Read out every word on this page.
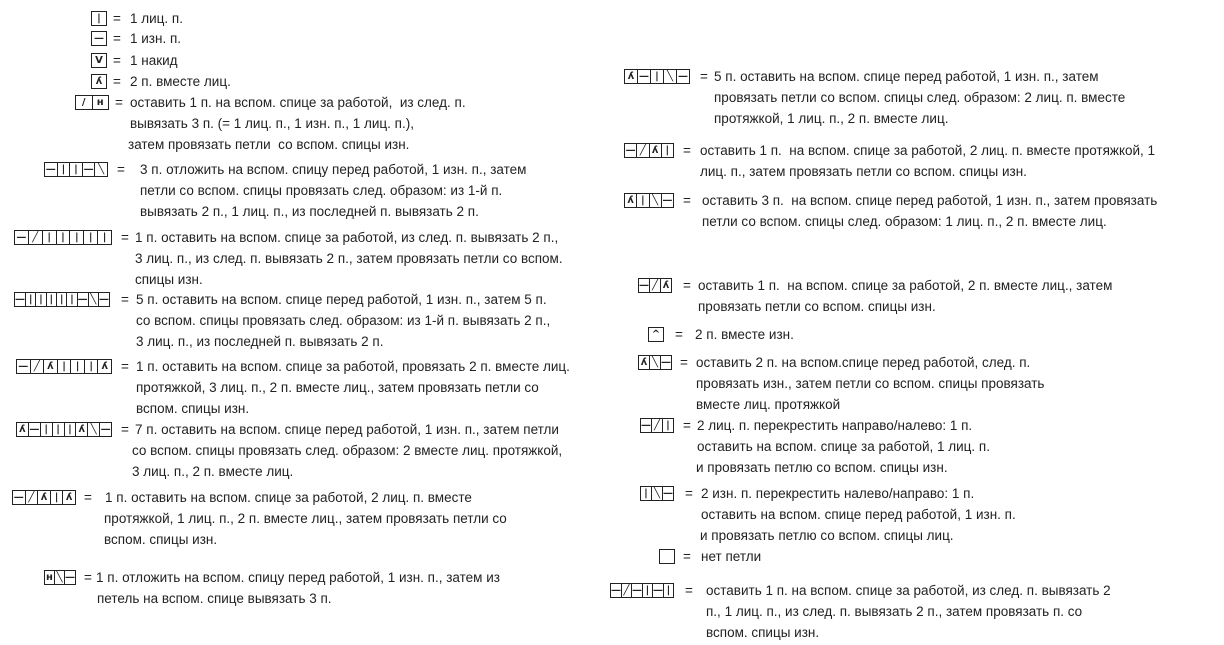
| = 1 лиц. п.
— = 1 изн. п.
V = 1 накид
ʎ = 2 п. вместе лиц.
/	н = оставить 1 п. на вспом. спице за работой,  из след. п.
вывязать 3 п. (= 1 лиц. п., 1 изн. п., 1 лиц. п.),
затем провязать петли  со вспом. спицы изн.
— | | — ╲ = 3 п. отложить на вспом. спицу перед работой, 1 изн. п., затем
петли со вспом. спицы провязать след. образом: из 1-й п.
вывязать 2 п., 1 лиц. п., из последней п. вывязать 2 п.
— ╱ |	|	|	|	|	= 1 п. оставить на вспом. спице за работой, из след. п. вывязать 2 п.,
3 лиц. п., из след. п. вывязать 2 п., затем провязать петли со вспом.
спицы изн.
— | | | | | — ╲ — = 5 п. оставить на вспом. спице перед работой, 1 изн. п., затем 5 п.
со вспом. спицы провязать след. образом: из 1-й п. вывязать 2 п.,
3 лиц. п., из последней п. вывязать 2 п.
— ╱ ʎ | | | ʎ = 1 п. оставить на вспом. спице за работой, провязать 2 п. вместе лиц.
протяжкой, 3 лиц. п., 2 п. вместе лиц., затем провязать петли со
вспом. спицы изн.
ʎ — | | | ʎ ╲ — = 7 п. оставить на вспом. спице перед работой, 1 изн. п., затем петли
со вспом. спицы провязать след. образом: 2 вместе лиц. протяжкой,
3 лиц. п., 2 п. вместе лиц.
— ╱ ʎ | ʎ = 1 п. оставить на вспом. спице за работой, 2 лиц. п. вместе
протяжкой, 1 лиц. п., 2 п. вместе лиц., затем провязать петли со
вспом. спицы изн.
н ╲ — = 1 п. отложить на вспом. спицу перед работой, 1 изн. п., затем из
петель на вспом. спице вывязать 3 п.
ʎ — | ╲ — = 5 п. оставить на вспом. спице перед работой, 1 изн. п., затем
провязать петли со вспом. спицы след. образом: 2 лиц. п. вместе
протяжкой, 1 лиц. п., 2 п. вместе лиц.
— ╱ ʎ | = оставить 1 п.  на вспом. спице за работой, 2 лиц. п. вместе протяжкой, 1
лиц. п., затем провязать петли со вспом. спицы изн.
ʎ | ╲ — = оставить 3 п.  на вспом. спице перед работой, 1 изн. п., затем провязать
петли со вспом. спицы след. образом: 1 лиц. п., 2 п. вместе лиц.
— ╱ ʎ = оставить 1 п.  на вспом. спице за работой, 2 п. вместе лиц., затем
провязать петли со вспом. спицы изн.
^ = 2 п. вместе изн.
ʎ ╲ — = оставить 2 п. на вспом.спице перед работой, след. п.
провязать изн., затем петли со вспом. спицы провязать
вместе лиц. протяжкой
— ╱ | = 2 лиц. п. перекрестить направо/налево: 1 п.
оставить на вспом. спице за работой, 1 лиц. п.
и провязать петлю со вспом. спицы изн.
| ╲ — = 2 изн. п. перекрестить налево/направо: 1 п.
оставить на вспом. спице перед работой, 1 изн. п.
и провязать петлю со вспом. спицы лиц.
= нет петли
— ╱ — | — | = оставить 1 п. на вспом. спице за работой, из след. п. вывязать 2
п., 1 лиц. п., из след. п. вывязать 2 п., затем провязать п. со
вспом. спицы изн.
